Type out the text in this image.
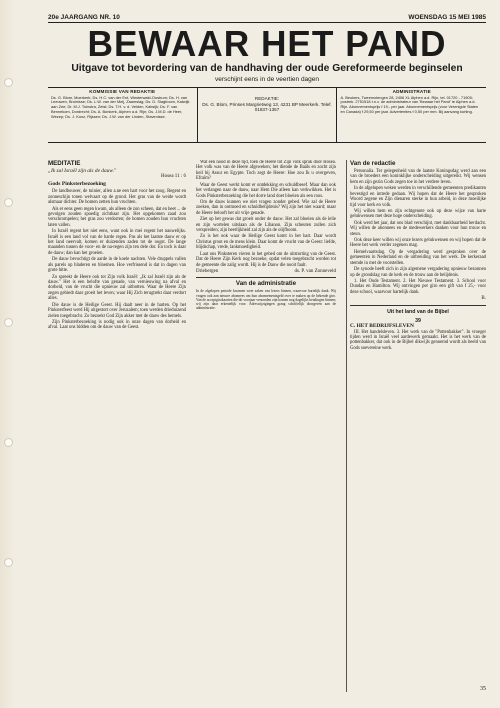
20e JAARGANG NR. 10	WOENSDAG 15 MEI 1985
BEWAAR HET PAND
Uitgave tot bevordering van de handhaving der oude Gereformeerde beginselen
verschijnt eens in de veertien dagen
KOMMISSIE VAN REDAKTIE
Ds. G. Blom, Moerkerk; Ds. H.C. van der Ent, Westerwald-Oostrum; Ds. H. van Leeuwen, Bruinisse; Ds. L.W. van der Meij, Zaamslag; Ds. D. Slagboom, Katwijk aan Zee; Dr. M.J. Tuinstra, Zeist; Ds. T.H. v. d. Velden, Katwijk; Ds. F. van Bennekom, Dordrecht; Ds. A. Bonkerk, Alphen a.d. Rijn; Ds. J.M.D. de Heer, Wezep; Ds. J. Kunz, Rijssen; Ds. J.W. van der Linden, Stavenisse.
REDAKTIE:
Ds. G. Blom, Prinses Margrietweg 13, 4231 BP Meerkerk. Telef. 01837-1357
ADMINISTRATIE
A. Beukers, Tweemolengen 28, 2406 XL Alphen a.d. Rijn, tel. 01720 - 71905; postrek. 2751518 t.n.v. de administrateur van 'Bewaar het Pand' te Alphen a.d. Rijn. Abonnementsprijs f 19,- per jaar. Abonnementsprijs (voor Verenigde Staten en Canada) f 29,50 per jaar. Advertenties f 0,50 per mm. Bij aanvang korting.
MEDITATIE
„Ik zal Israël zijn als de dauw."
Hosea 11 : 6
Gods Pinksterbezoeking

De landbouwer, de tuinier, allen a.ne een hart voor het zoog. Regent en zonneschijn tonen welvaart op de grond. Het gras van de weide wordt alsmaar dichter. De bomen zetten hun vruchten.

Als er eens geen regen kwam, als alleen de zon scheen, dat en heet ... de gevolgen zouden spoedig zichtbaar zijn. Het opgekomen zaad zou verschrompelen; het gras zou verdorren; de bomen zouden hun vruchten laten vallen.

In Israël regent het niet eens, want ook in mei regent het nauwelijks. Israël is een land vol van de harde regen. Pas als het laatste dauw er op het land neervalt, komen er duizenden zaden tot de oogst. De lange maanden tussen de voor- en de na-regen zijn ten dele dor. En toch is daar de dauw; dan kan het groeien.

De dauw bevochtigt de aarde in de koele nachten. Vele druppels vallen als parels op bladeren en bloemen. Hoe verfrissend is dat in dagen van grote hitte.

Zo spreekt de Heere ook tot Zijn volk Israël: ,,Ik zal Israël zijn als de dauw." Het is een belofte van genade, van vernieuwing na afval en dorheid, van de vrucht die opnieuw zal uitbotten. Waar de Heere Zijn zegen gebiedt daar groeit het leven; waar Hij Zich terugtrekt daar verdort alles.

Die dauw is de Heilige Geest. Hij daalt neer in de harten. Op het Pinksterfeest werd Hij uitgestort over Jeruzalem; toen werden drieduizend zielen toegebracht. Zo bezoekt God Zijn akker met de dauw des hemels.

Zijn Pinksterbezoeking is nodig ook in onze dagen van dorheid en afval. Laat ons bidden om de dauw van de Geest.

Wat een nood in deze tijd, toen de Heere tot Zijn volk sprak door Hosea. Het volk was van de Heere afgeweken; het diende de Baäls en zocht zijn heil bij Assur en Egypte. Toch zegt de Heere: Hoe zou Ik u overgeven, Efraïm?

Waar de Geest werkt komt er ontdekking en schuldbesef. Maar dan ook het verlangen naar de dauw, naar Hem Die alleen kan verkwikken. Het is Gods Pinksterbezoeking die het dorre land doet bloeien als een roos.

Om de dauw kunnen we niet vragen zonder gebed. Wie zal de Heere zoeken, dan in ootmoed en schuldbelijdenis? Wij zijn het niet waard; maar de Heere belooft het uit vrije genade.

Ziet op het gewas dat groeit onder de dauw. Het zal bloeien als de lelie en zijn wortelen uitslaan als de Libanon. Zijn scheuten zullen zich verspreiden; zijn heerlijkheid zal zijn als de olijfboom.

Zo is het ook waar de Heilige Geest komt in het hart. Daar wordt Christus groot en de mens klein. Daar komt de vrucht van de Geest: liefde, blijdschap, vrede, lankmoedigheid.

Laat ons Pinksteren vieren in het gebed om de uitstorting van de Geest. Dat de Heere Zijn Kerk nog bezoeke, opdat velen toegebracht worden tot de gemeente die zalig wordt. Hij is de Dauw die nooit faalt.

Driebergen	ds. P. van Zonneveld
Van de administratie
In de afgelopen periode kwamen weer zaken van lezers binnen, waarvoor hartelijk dank. Wij vragen ook aan nieuwe abonnees om hun abonnementsgeld over te maken op de bekende giro. Van de acceptgirokaarten die dit voorjaar verzonden zijn komen nog dagelijks betalingen binnen; wij zijn daar erkentelijk voor. Adreswijzigingen graag schriftelijk doorgeven aan de administratie.
Van de redactie

Personalia. Ter gelegenheid van de laatste Koningsdag werd aan een van de broeders een koninklijke onderscheiding uitgereikt. Wij wensen hem en zijn gezin Gods zegen toe in het verdere leven.

In de afgelopen weken werden in verschillende gemeenten predikanten bevestigd en intrede gedaan. Wij hopen dat de Heere het gesproken Woord zegene en Zijn dienaren sterke in hun arbeid, in deze moeilijke tijd voor kerk en volk.

Wij willen hem en zijn echtgenote ook op deze wijze van harte gelukwensen met deze hoge onderscheiding.

Ook werd het jaar, dat ons blad verschijnt, met dankbaarheid herdacht. Wij willen de abonnees en de medewerkers danken voor hun trouw en steun.

Ook deze keer willen wij onze lezers gelukwensen en wij hopen dat de Heere het werk verder zegenen mag.

Hemelvaartsdag. Op de vergadering werd gesproken over de gemeenten in Nederland en de uitbreiding van het werk. De kerkeraad stemde in met de voorstellen.

De synode heeft zich in zijn algemene vergadering opnieuw bezonnen op de grondslag van de kerk en de trouw aan de belijdenis.

1. Het Oude Testament. 2. Het Nieuwe Testament. 3. School voor Dundas en Hamilton. Wij ontvingen per giro een gift van f 25,- voor deze school, waarvoor hartelijk dank.

B.
Uit het land van de Bijbel
39
C. HET BEDRIJFSLEVEN

III. Het handelsleven. 3. Het werk van de "Pottenbakker". In vroeger tijden werd in Israël veel aardewerk gemaakt. Het is het werk van de pottenbakker, dat ook in de Bijbel dikwijls genoemd wordt als beeld van Gods soevereine werk.

35
